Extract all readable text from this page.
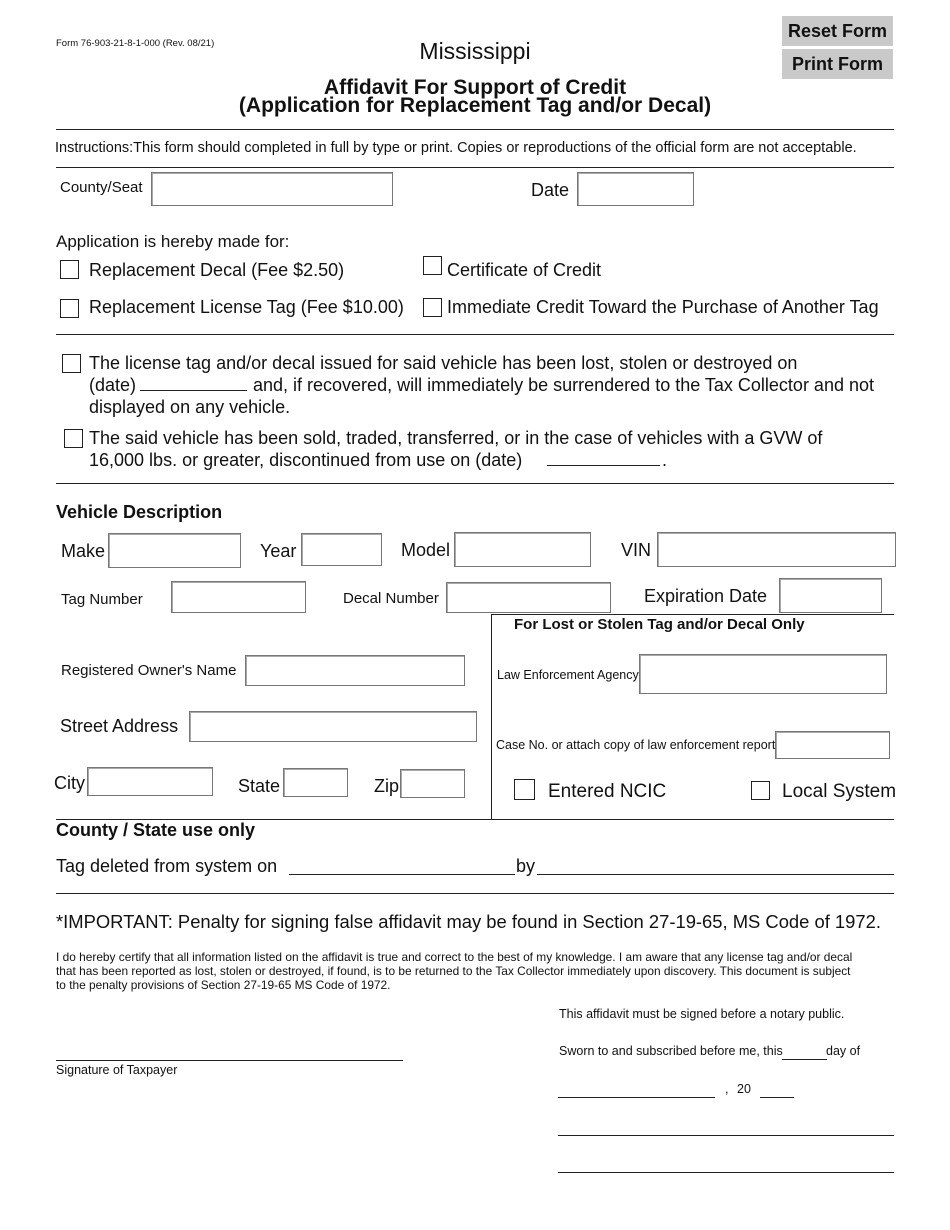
Form 76-903-21-8-1-000 (Rev. 08/21)	Mississippi
Affidavit For Support of Credit
(Application for Replacement Tag and/or Decal)
Reset Form
Print Form
Instructions:This form should completed in full by type or print. Copies or reproductions of the official form are not acceptable.
County/Seat	Date
Application is hereby made for:
Replacement Decal (Fee $2.50)	Certificate of Credit
Replacement License Tag (Fee $10.00) Immediate Credit Toward the Purchase of Another Tag
The license tag and/or decal issued for said vehicle has been lost, stolen or destroyed on
(date)	and, if recovered, will immediately be surrendered to the Tax Collector and not
displayed on any vehicle.
The said vehicle has been sold, traded, transferred, or in the case of vehicles with a GVW of
16,000 lbs. or greater, discontinued from use on (date)	.
Vehicle Description
Make	Year	Model	VIN
Tag Number	Decal Number	Expiration Date
For Lost or Stolen Tag and/or Decal Only
Registered Owner's Name
Street Address
City	State	Zip
Law Enforcement Agency
Case No. or attach copy of law enforcement report
Entered NCIC	Local System
County / State use only
Tag deleted from system on	by
*IMPORTANT: Penalty for signing false affidavit may be found in Section 27-19-65, MS Code of 1972.
I do hereby certify that all information listed on the affidavit is true and correct to the best of my knowledge. I am aware that any license tag and/or decal
that has been reported as lost, stolen or destroyed, if found, is to be returned to the Tax Collector immediately upon discovery. This document is subject
to the penalty provisions of Section 27-19-65 MS Code of 1972.
This affidavit must be signed before a notary public.
Sworn to and subscribed before me, this	day of
Signature of Taxpayer
, 20
